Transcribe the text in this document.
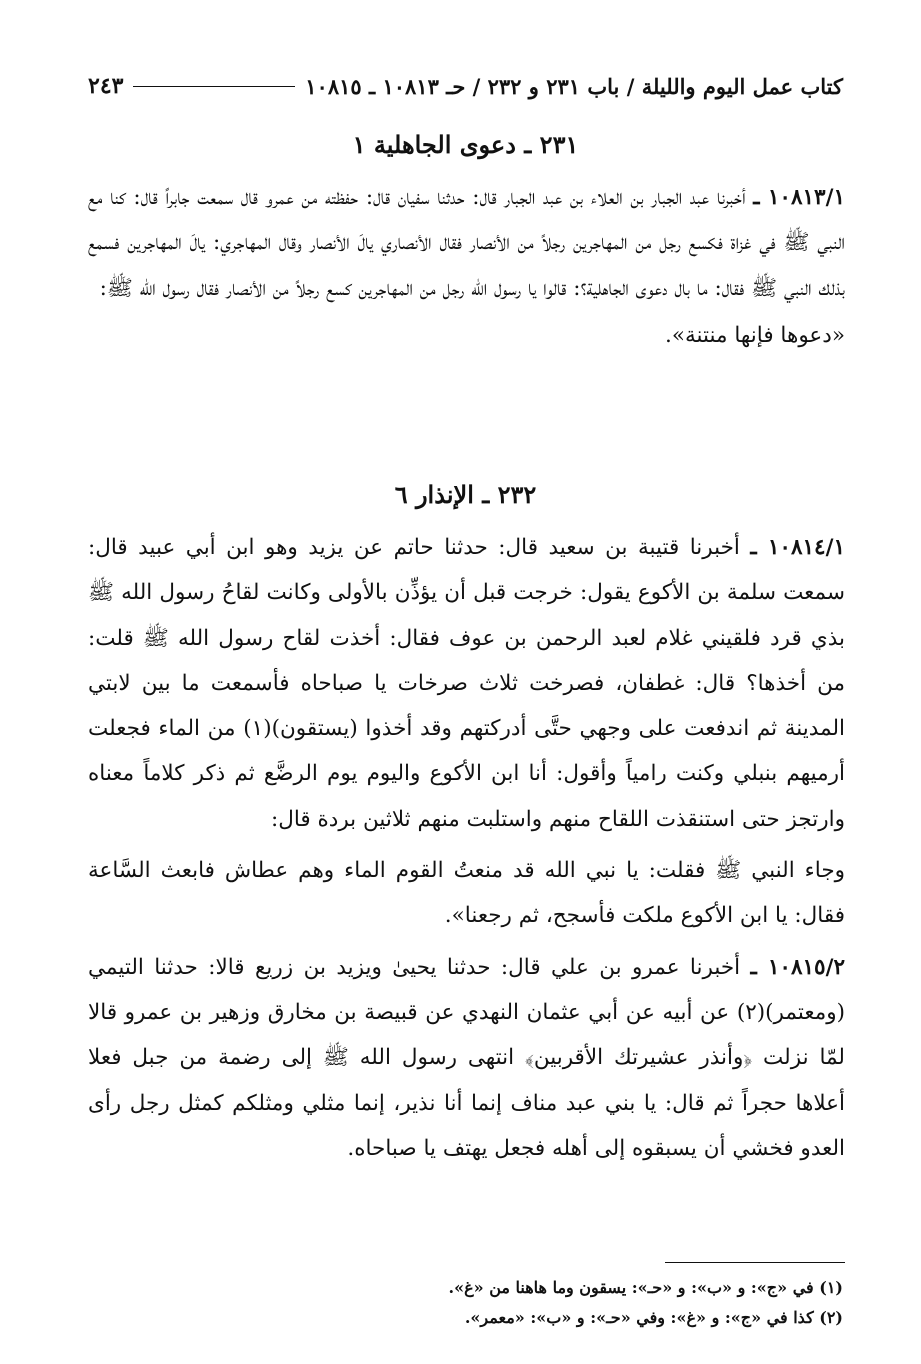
كتاب عمل اليوم والليلة / باب ٢٣١ و ٢٣٢ / حـ ١٠٨١٣ ـ ١٠٨١٥
٢٤٣
٢٣١ ـ دعوى الجاهلية ١

١٠٨١٣/١ ـ أخبرنا عبد الجبار بن العلاء بن عبد الجبار قال: حدثنا سفيان قال: حفظته من عمرو قال سمعت جابراً قال: كنا مع النبي ﷺ في غزاة فكسع رجل من المهاجرين رجلاً من الأنصار فقال الأنصاري يالَ الأنصار وقال المهاجري: يالَ المهاجرين فسمع بذلك النبي ﷺ فقال: ما بال دعوى الجاهلية؟: قالوا يا رسول الله رجل من المهاجرين كسع رجلاً من الأنصار فقال رسول الله ﷺ:

«دعوها فإنها منتنة».

٢٣٢ ـ الإنذار ٦

١٠٨١٤/١ ـ أخبرنا قتيبة بن سعيد قال: حدثنا حاتم عن يزيد وهو ابن أبي عبيد قال: سمعت سلمة بن الأكوع يقول: خرجت قبل أن يؤذِّن بالأولى وكانت لقاحُ رسول الله ﷺ بذي قرد فلقيني غلام لعبد الرحمن بن عوف فقال: أخذت لقاح رسول الله ﷺ قلت: من أخذها؟ قال: غطفان، فصرخت ثلاث صرخات يا صباحاه فأسمعت ما بين لابتي المدينة ثم اندفعت على وجهي حتَّى أدركتهم وقد أخذوا (يستقون)(١) من الماء فجعلت أرميهم بنبلي وكنت رامياً وأقول: أنا ابن الأكوع واليوم يوم الرضَّع ثم ذكر كلاماً معناه وارتجز حتى استنقذت اللقاح منهم واستلبت منهم ثلاثين بردة قال:

وجاء النبي ﷺ فقلت: يا نبي الله قد منعتُ القوم الماء وهم عطاش فابعث السَّاعة فقال: يا ابن الأكوع ملكت فأسجح، ثم رجعنا».

١٠٨١٥/٢ ـ أخبرنا عمرو بن علي قال: حدثنا يحيىٰ ويزيد بن زريع قالا: حدثنا التيمي (ومعتمر)(٢) عن أبيه عن أبي عثمان النهدي عن قبيصة بن مخارق وزهير بن عمرو قالا لمّا نزلت ﴿وأنذر عشيرتك الأقربين﴾ انتهى رسول الله ﷺ إلى رضمة من جبل فعلا أعلاها حجراً ثم قال: يا بني عبد مناف إنما أنا نذير، إنما مثلي ومثلكم كمثل رجل رأى العدو فخشي أن يسبقوه إلى أهله فجعل يهتف يا صباحاه.

(١) في «ج»: و «ب»: و «حـ»: يسقون وما هاهنا من «غ».
(٢) كذا في «ج»: و «غ»: وفي «حـ»: و «ب»: «معمر».
